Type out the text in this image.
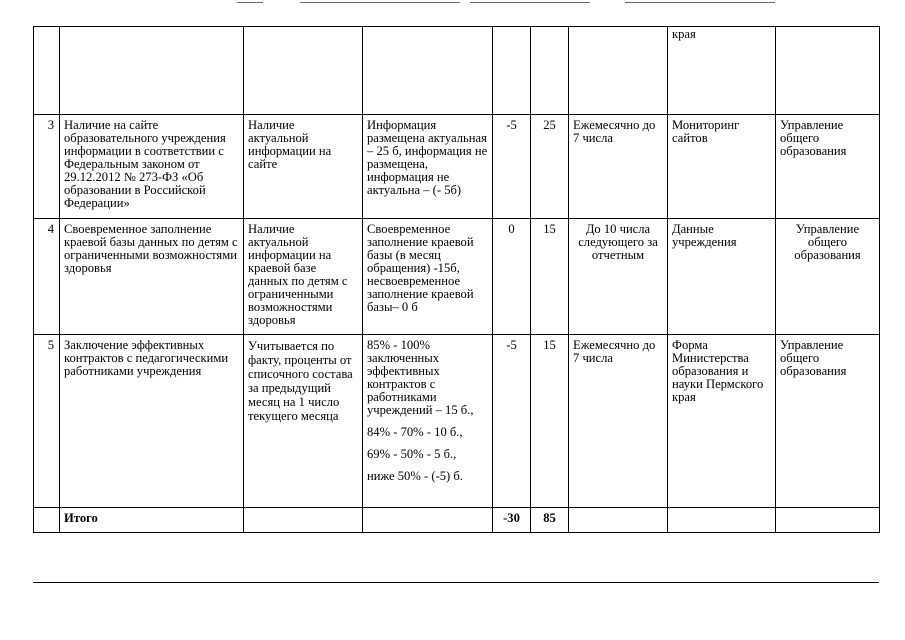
							края	
3	Наличие на сайте образовательного учреждения информации в соответствии с Федеральным законом от 29.12.2012 № 273-ФЗ «Об образовании в Российской Федерации»	Наличие актуальной информации на сайте	Информация размещена актуальная – 25 б, информация не размещена, информация не актуальна – (- 5б)	-5	25	Ежемесячно до 7 числа	Мониторинг сайтов	Управление общего образования
4	Своевременное заполнение краевой базы данных по детям с ограниченными возможностями здоровья	Наличие актуальной информации на краевой базе данных по детям с ограниченными возможностями здоровья	Своевременное заполнение краевой базы (в месяц обращения) -15б, несвоевременное заполнение краевой базы– 0 б	0	15	До 10 числа следующего за отчетным	Данные учреждения	Управление общего образования
5	Заключение эффективных контрактов с педагогическими работниками учреждения	Учитывается по факту, проценты от списочного состава за предыдущий месяц на 1 число текущего месяца	85% - 100% заключенных эффективных контрактов с работниками учреждений – 15 б.,
84% - 70% - 10 б.,
69% - 50% - 5 б.,
ниже 50% - (-5) б.	-5	15	Ежемесячно до 7 числа	Форма Министерства образования и науки Пермского края	Управление общего образования
	Итого			-30	85			
